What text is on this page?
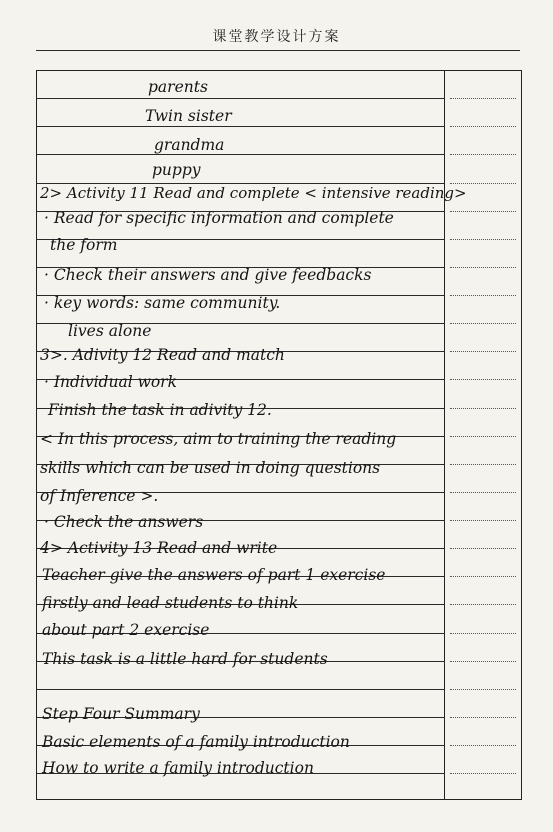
课堂教学设计方案
parents
Twin sister
grandma
puppy
2> Activity 11 Read and complete < intensive reading>
· Read for specific information and complete
the form
· Check their answers and give feedbacks
· key words: same community.
lives alone
3>. Adivity 12 Read and match
· Individual work
Finish the task in adivity 12.
< In this process, aim to training the reading
skills which can be used in doing questions
of Inference >.
· Check the answers
4> Activity 13 Read and write
Teacher give the answers of part 1 exercise
firstly and lead students to think
about part 2 exercise
This task is a little hard for students
Step Four Summary
Basic elements of a family introduction
How to write a family introduction
